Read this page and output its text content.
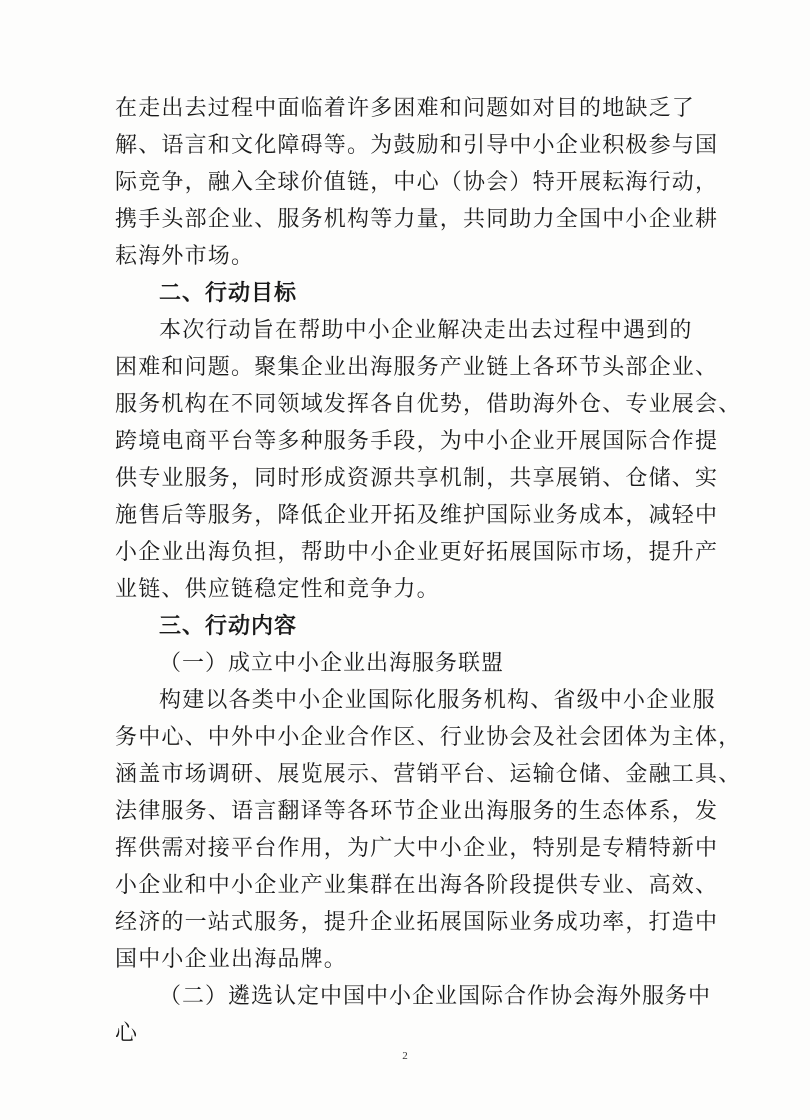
在走出去过程中面临着许多困难和问题如对目的地缺乏了
解、语言和文化障碍等。为鼓励和引导中小企业积极参与国
际竞争，融入全球价值链，中心（协会）特开展耘海行动，
携手头部企业、服务机构等力量，共同助力全国中小企业耕
耘海外市场。
二、行动目标
本次行动旨在帮助中小企业解决走出去过程中遇到的
困难和问题。聚集企业出海服务产业链上各环节头部企业、
服务机构在不同领域发挥各自优势，借助海外仓、专业展会、
跨境电商平台等多种服务手段，为中小企业开展国际合作提
供专业服务，同时形成资源共享机制，共享展销、仓储、实
施售后等服务，降低企业开拓及维护国际业务成本，减轻中
小企业出海负担，帮助中小企业更好拓展国际市场，提升产
业链、供应链稳定性和竞争力。
三、行动内容
（一）成立中小企业出海服务联盟
构建以各类中小企业国际化服务机构、省级中小企业服
务中心、中外中小企业合作区、行业协会及社会团体为主体，
涵盖市场调研、展览展示、营销平台、运输仓储、金融工具、
法律服务、语言翻译等各环节企业出海服务的生态体系，发
挥供需对接平台作用，为广大中小企业，特别是专精特新中
小企业和中小企业产业集群在出海各阶段提供专业、高效、
经济的一站式服务，提升企业拓展国际业务成功率，打造中
国中小企业出海品牌。
（二）遴选认定中国中小企业国际合作协会海外服务中
心
2
